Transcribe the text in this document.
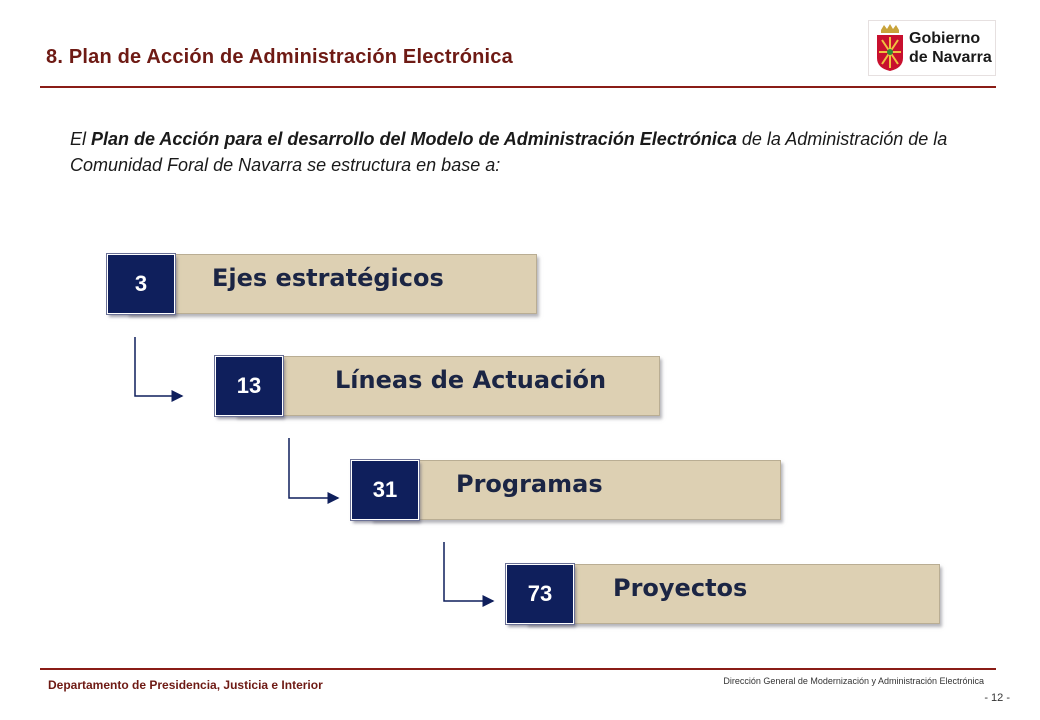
8. Plan de Acción de Administración Electrónica
Gobierno
de Navarra

El Plan de Acción para el desarrollo del Modelo de Administración Electrónica de la Administración de la Comunidad Foral de Navarra se estructura en base a:

3	Ejes estratégicos
13	Líneas de Actuación
31	Programas
73	Proyectos
Departamento de Presidencia, Justicia e Interior	Dirección General de Modernización y Administración Electrónica
- 12 -
